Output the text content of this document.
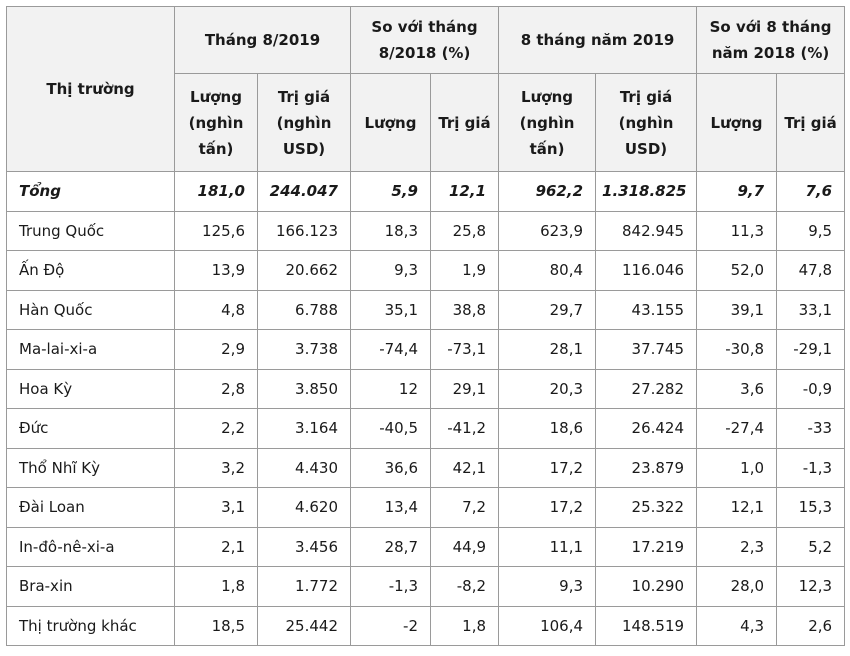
Thị trường	Tháng 8/2019		So với tháng 8/2018 (%)		8 tháng năm 2019		So với 8 tháng năm 2018 (%)	
	Lượng (nghìn tấn)	Trị giá (nghìn USD)	Lượng	Trị giá	Lượng (nghìn tấn)	Trị giá (nghìn USD)	Lượng	Trị giá
Tổng	181,0	244.047	5,9	12,1	962,2	1.318.825	9,7	7,6
Trung Quốc	125,6	166.123	18,3	25,8	623,9	842.945	11,3	9,5
Ấn Độ	13,9	20.662	9,3	1,9	80,4	116.046	52,0	47,8
Hàn Quốc	4,8	6.788	35,1	38,8	29,7	43.155	39,1	33,1
Ma-lai-xi-a	2,9	3.738	-74,4	-73,1	28,1	37.745	-30,8	-29,1
Hoa Kỳ	2,8	3.850	12	29,1	20,3	27.282	3,6	-0,9
Đức	2,2	3.164	-40,5	-41,2	18,6	26.424	-27,4	-33
Thổ Nhĩ Kỳ	3,2	4.430	36,6	42,1	17,2	23.879	1,0	-1,3
Đài Loan	3,1	4.620	13,4	7,2	17,2	25.322	12,1	15,3
In-đô-nê-xi-a	2,1	3.456	28,7	44,9	11,1	17.219	2,3	5,2
Bra-xin	1,8	1.772	-1,3	-8,2	9,3	10.290	28,0	12,3
Thị trường khác	18,5	25.442	-2	1,8	106,4	148.519	4,3	2,6
